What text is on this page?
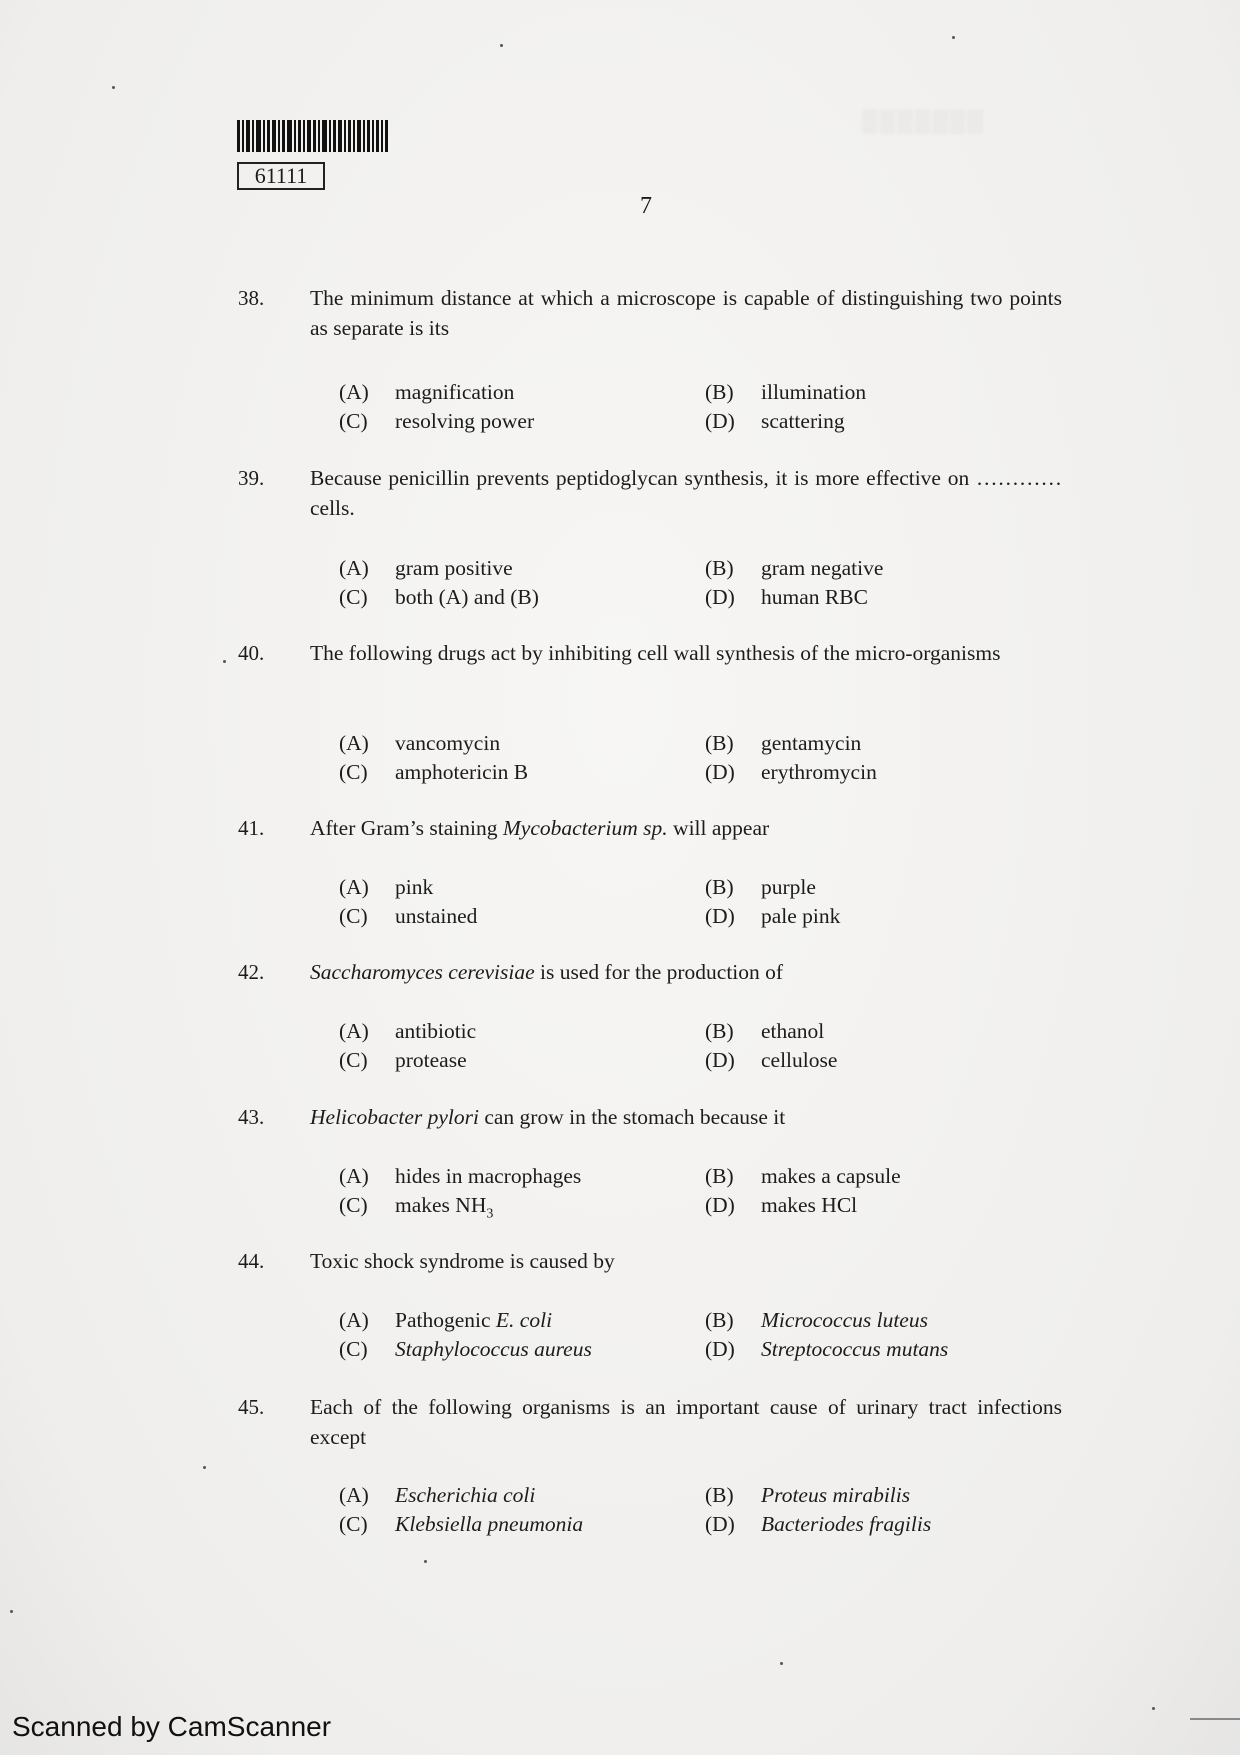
61111
▒▒▒▒▒▒▒
7
38. The minimum distance at which a microscope is capable of distinguishing two points as separate is its
(A) magnification	(B) illumination
(C) resolving power	(D) scattering
39. Because penicillin prevents peptidoglycan synthesis, it is more effective on ………… cells.
(A) gram positive	(B) gram negative
(C) both (A) and (B)	(D) human RBC
40. The following drugs act by inhibiting cell wall synthesis of the micro-organisms
(A) vancomycin	(B) gentamycin
(C) amphotericin B	(D) erythromycin
41. After Gram’s staining Mycobacterium sp. will appear
(A) pink	(B) purple
(C) unstained	(D) pale pink
42. Saccharomyces cerevisiae is used for the production of
(A) antibiotic	(B) ethanol
(C) protease	(D) cellulose
43. Helicobacter pylori can grow in the stomach because it
(A) hides in macrophages	(B) makes a capsule
(C) makes $NH_3$	(D) makes HCl
44. Toxic shock syndrome is caused by
(A) Pathogenic E. coli	(B) Micrococcus luteus
(C) Staphylococcus aureus	(D) Streptococcus mutans
45. Each of the following organisms is an important cause of urinary tract infections except
(A) Escherichia coli	(B) Proteus mirabilis
(C) Klebsiella pneumonia	(D) Bacteriodes fragilis
Scanned by CamScanner
